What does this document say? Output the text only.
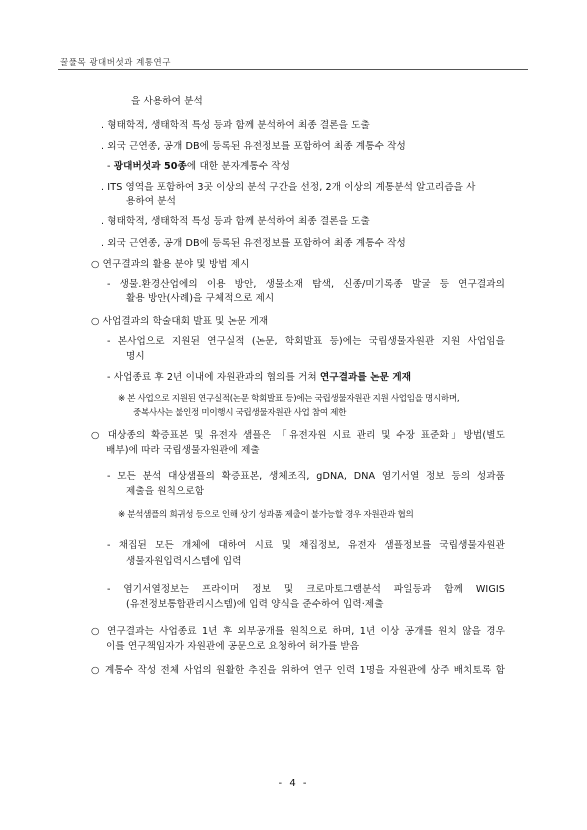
꿀풀목 광대버섯과 계통연구
을 사용하여 분석
. 형태학적, 생태학적 특성 등과 함께 분석하여 최종 결론을 도출
. 외국 근연종, 공개 DB에 등록된 유전정보를 포함하여 최종 계통수 작성
- 광대버섯과 50종에 대한 분자계통수 작성
. ITS 영역을 포함하여 3곳 이상의 분석 구간을 선정, 2개 이상의 계통분석 알고리즘을 사
용하여 분석
. 형태학적, 생태학적 특성 등과 함께 분석하여 최종 결론을 도출
. 외국 근연종, 공개 DB에 등록된 유전정보를 포함하여 최종 계통수 작성
○ 연구결과의 활용 분야 및 방법 제시
- 생물.환경산업에의 이용 방안, 생물소재 탐색, 신종/미기록종 발굴 등 연구결과의
활용 방안(사례)을 구체적으로 제시
○ 사업결과의 학술대회 발표 및 논문 게재
- 본사업으로 지원된 연구실적 (논문, 학회발표 등)에는 국립생물자원관 지원 사업임을
명시
- 사업종료 후 2년 이내에 자원관과의 협의를 거쳐 연구결과를 논문 게재
※ 본 사업으로 지원된 연구실적(논문 학회발표 등)에는 국립생물자원관 지원 사업임을 명시하며,
중복사사는 불인정 미이행시 국립생물자원관 사업 참여 제한
○ 대상종의 확증표본 및 유전자 샘플은 「유전자원 시료 관리 및 수장 표준화」방법(별도
배부)에 따라 국립생물자원관에 제출
- 모든 분석 대상샘플의 확증표본, 생체조직, gDNA, DNA 염기서열 정보 등의 성과품
제출을 원칙으로함
※ 분석샘플의 희귀성 등으로 인해 상기 성과품 제출이 불가능할 경우 자원관과 협의
- 채집된 모든 개체에 대하여 시료 및 채집정보, 유전자 샘플정보를 국립생물자원관
생물자원입력시스템에 입력
- 염기서열정보는 프라이머 정보 및 크로마토그램분석 파일등과 함께 WIGIS
(유전정보통합관리시스템)에 입력 양식을 준수하여 입력·제출
○ 연구결과는 사업종료 1년 후 외부공개를 원칙으로 하며, 1년 이상 공개를 원치 않을 경우
이를 연구책임자가 자원관에 공문으로 요청하여 허가를 받음
○ 계통수 작성 전체 사업의 원활한 추진을 위하여 연구 인력 1명을 자원관에 상주 배치토록 함
- 4 -
